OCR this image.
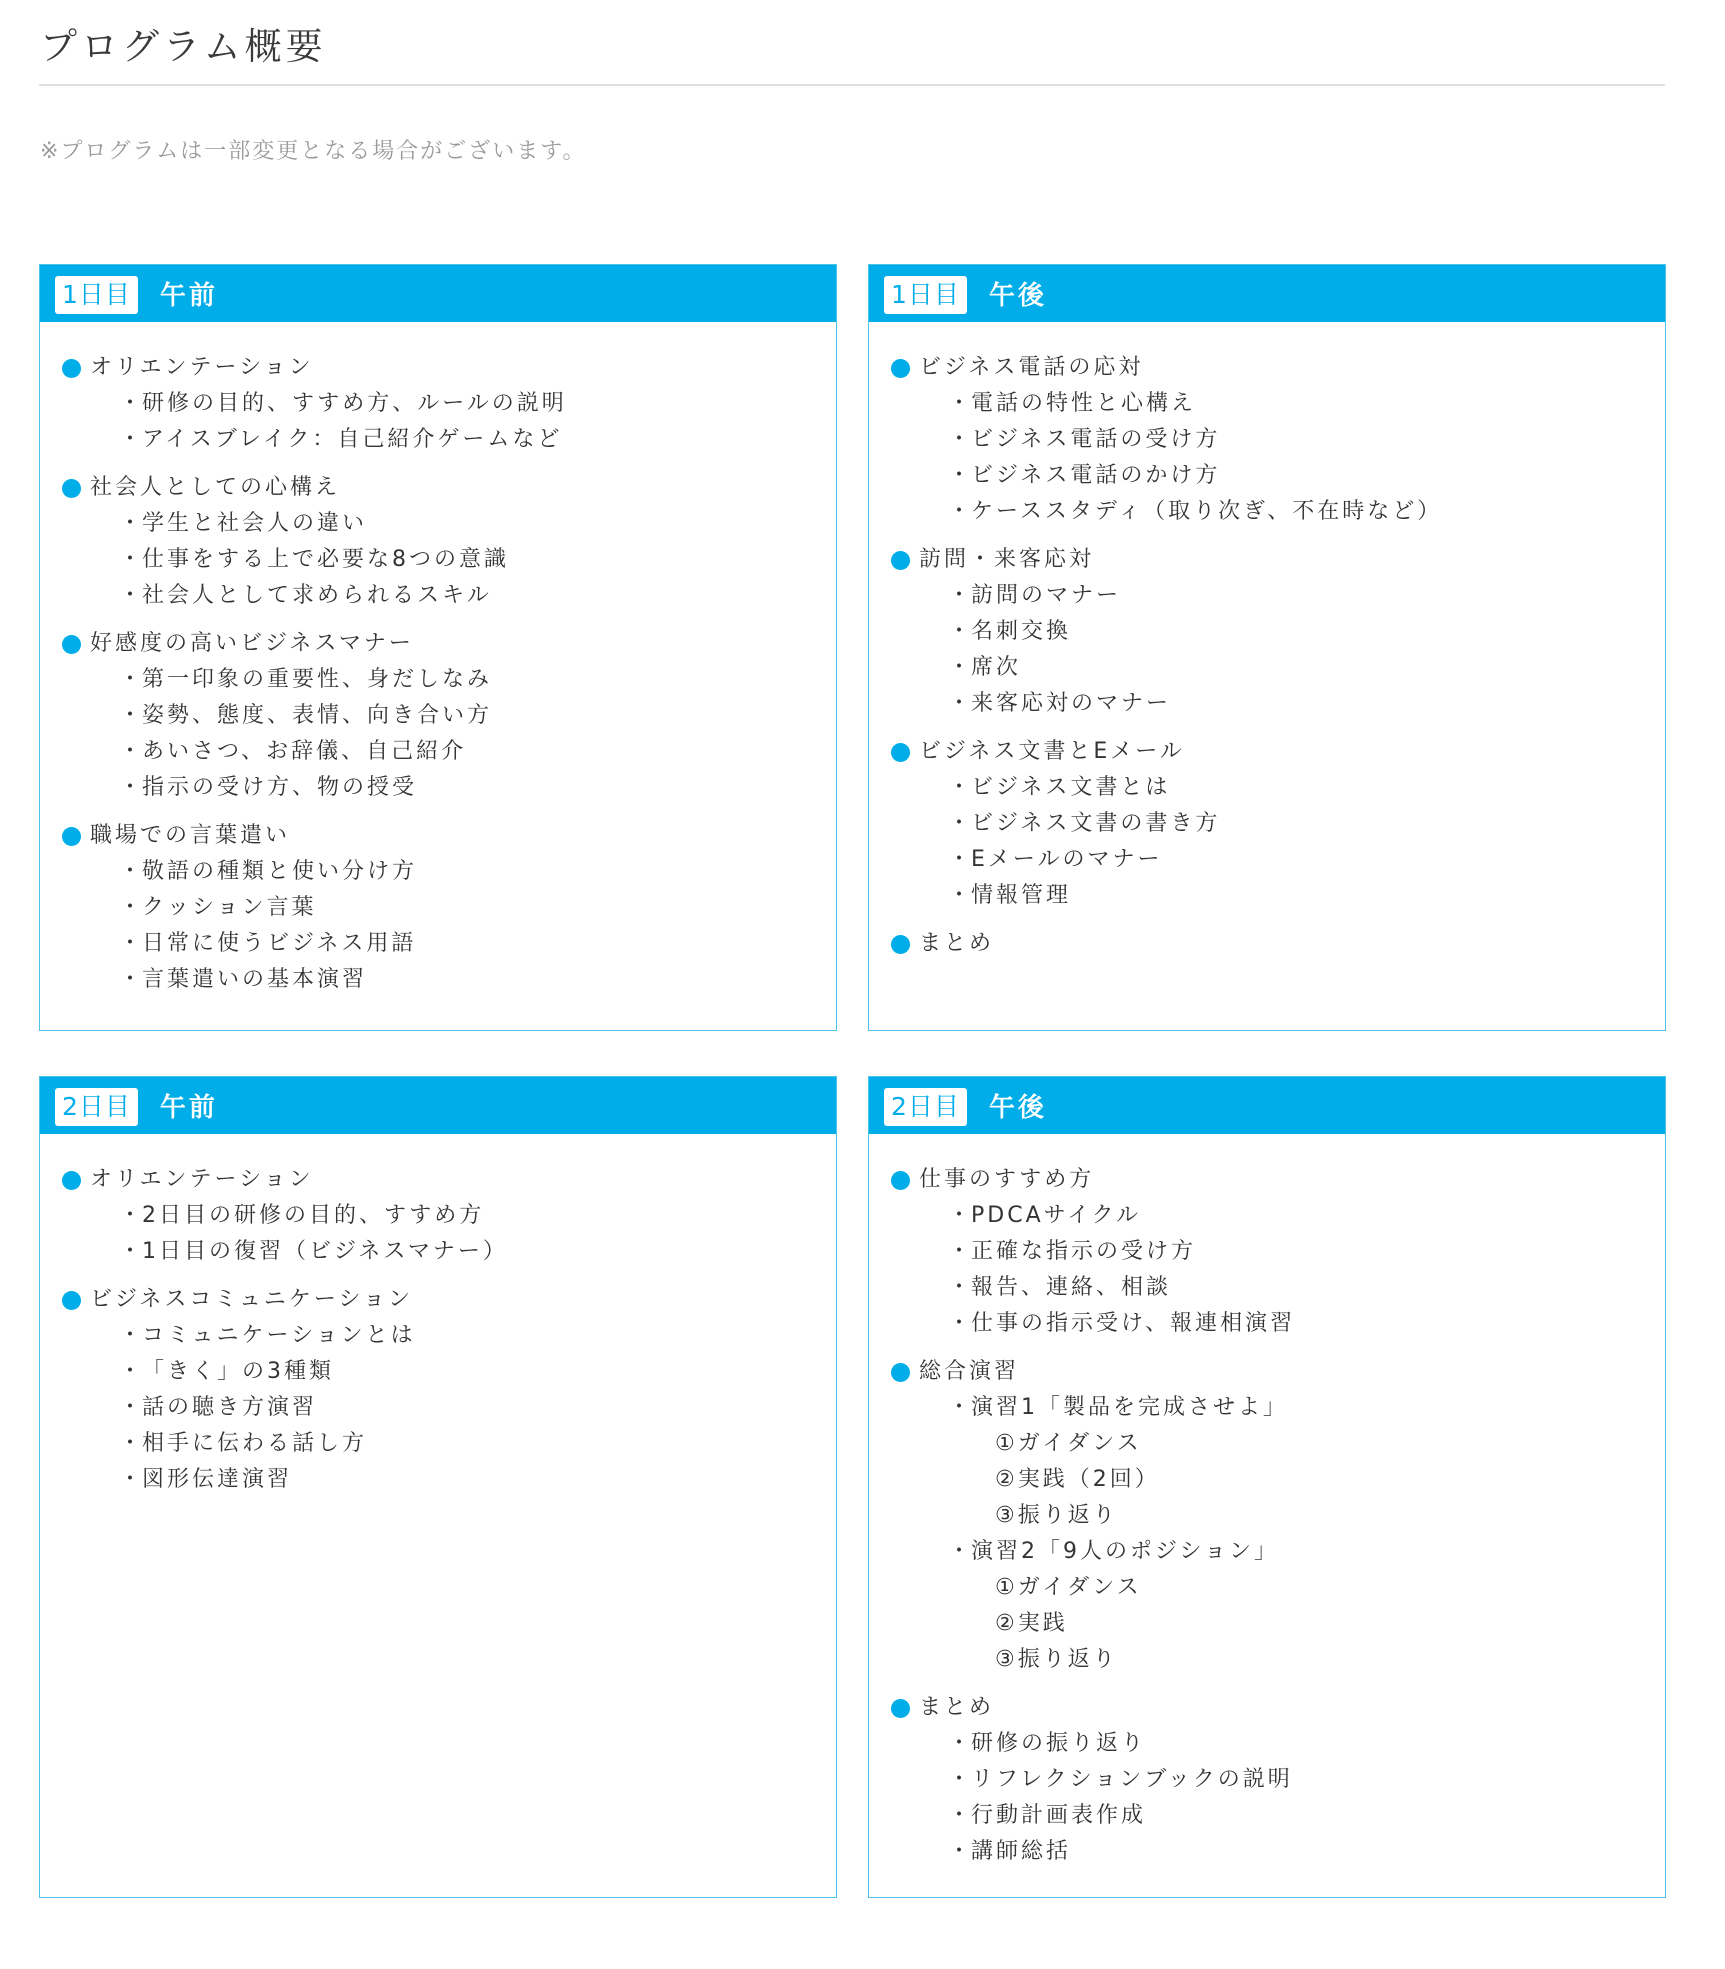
プログラム概要

※プログラムは一部変更となる場合がございます。

1日目 午前
オリエンテーション
・ 研修の目的、すすめ方、ルールの説明
・ アイスブレイク：自己紹介ゲームなど
社会人としての心構え
・ 学生と社会人の違い
・ 仕事をする上で必要な8つの意識
・ 社会人として求められるスキル
好感度の高いビジネスマナー
・ 第一印象の重要性、身だしなみ
・ 姿勢、態度、表情、向き合い方
・ あいさつ、お辞儀、自己紹介
・ 指示の受け方、物の授受
職場での言葉遣い
・ 敬語の種類と使い分け方
・ クッション言葉
・ 日常に使うビジネス用語
・ 言葉遣いの基本演習
1日目 午後
ビジネス電話の応対
・ 電話の特性と心構え
・ ビジネス電話の受け方
・ ビジネス電話のかけ方
・ ケーススタディ（取り次ぎ、不在時など）
訪問・来客応対
・ 訪問のマナー
・ 名刺交換
・ 席次
・ 来客応対のマナー
ビジネス文書とEメール
・ ビジネス文書とは
・ ビジネス文書の書き方
・ Eメールのマナー
・ 情報管理
まとめ
2日目 午前
オリエンテーション
・ 2日目の研修の目的、すすめ方
・ 1日目の復習（ビジネスマナー）
ビジネスコミュニケーション
・ コミュニケーションとは
・ 「きく」の3種類
・ 話の聴き方演習
・ 相手に伝わる話し方
・ 図形伝達演習
2日目 午後
仕事のすすめ方
・ PDCAサイクル
・ 正確な指示の受け方
・ 報告、連絡、相談
・ 仕事の指示受け、報連相演習
総合演習
・ 演習1「製品を完成させよ」
①ガイダンス
②実践（2回）
③振り返り
・ 演習2「9人のポジション」
①ガイダンス
②実践
③振り返り
まとめ
・ 研修の振り返り
・ リフレクションブックの説明
・ 行動計画表作成
・ 講師総括
